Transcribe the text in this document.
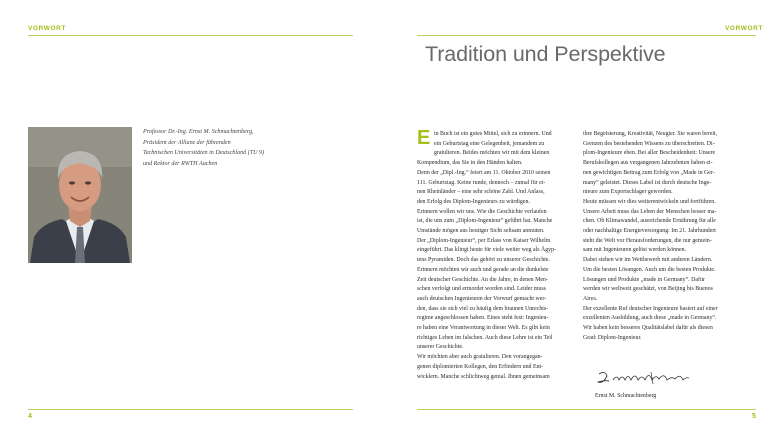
VORWORT
Professor Dr.-Ing. Ernst M. Schmachtenberg,
Präsident der Allianz der führenden
Technischen Universitäten in Deutschland (TU 9)
und Rektor der RWTH Aachen
4
VORWORT
Tradition und Perspektive
E in Buch ist ein gutes Mittel, sich zu erinnern. Und
ein Geburtstag eine Gelegenheit, jemandem zu
gratulieren. Beides möchten wir mit dem kleinen
Kompendium, das Sie in den Händen halten.
Denn der „Dipl.-Ing.“ feiert am 11. Oktober 2010 seinen
111. Geburtstag. Keine runde, dennoch – zumal für ei-
nen Rheinländer – eine sehr schöne Zahl. Und Anlass,
den Erfolg des Diplom-Ingenieurs zu würdigen.
Erinnern wollen wir uns. Wie die Geschichte verlaufen
ist, die uns zum „Diplom-Ingenieur“ geführt hat. Manche
Umstände mögen aus heutiger Sicht seltsam anmuten.
Der „Diplom-Ingenieur“, per Erlass von Kaiser Wilhelm
eingeführt. Das klingt heute für viele weiter weg als Ägyp-
tens Pyramiden. Doch das gehört zu unserer Geschichte.
Erinnern möchten wir auch und gerade an die dunkelste
Zeit deutscher Geschichte. An die Jahre, in denen Men-
schen verfolgt und ermordet worden sind. Leider muss
auch deutschen Ingenieuren der Vorwurf gemacht wer-
den, dass sie sich viel zu häufig dem braunen Unrechts-
regime angeschlossen haben. Eines steht fest: Ingenieu-
re haben eine Verantwortung in dieser Welt. Es gibt kein
richtiges Leben im falschen. Auch diese Lehre ist ein Teil
unserer Geschichte.
Wir möchten aber auch gratulieren. Den vorangegan-
genen diplomierten Kollegen, den Erfindern und Ent-
wicklern. Manche schlichtweg genial. Ihnen gemeinsam
ihre Begeisterung, Kreativität, Neugier. Sie waren bereit,
Grenzen des bestehenden Wissens zu überschreiten. Di-
plom-Ingenieure eben. Bei aller Bescheidenheit: Unsere
Berufskollegen aus vergangenen Jahrzehnten haben ei-
nen gewichtigen Beitrag zum Erfolg von „Made in Ger-
many“ geleistet. Dieses Label ist durch deutsche Inge-
nieure zum Exportschlager geworden.
Heute müssen wir dies weiterentwickeln und fortführen.
Unsere Arbeit muss das Leben der Menschen besser ma-
chen. Ob Klimawandel, ausreichende Ernährung für alle
oder nachhaltige Energieversorgung: Im 21. Jahrhundert
steht die Welt vor Herausforderungen, die nur gemein-
sam mit Ingenieuren gelöst werden können.
Dabei stehen wir im Wettbewerb mit anderen Ländern.
Um die besten Lösungen. Auch um die besten Produkte.
Lösungen und Produkte „made in Germany“. Dafür
werden wir weltweit geschätzt, von Beijing bis Buenos
Aires.
Der exzellente Ruf deutscher Ingenieure basiert auf einer
exzellenten Ausbildung, auch diese „made in Germany“.
Wir haben kein besseres Qualitätslabel dafür als diesen
Grad: Diplom-Ingenieur.
Ernst M. Schmachtenberg
5
